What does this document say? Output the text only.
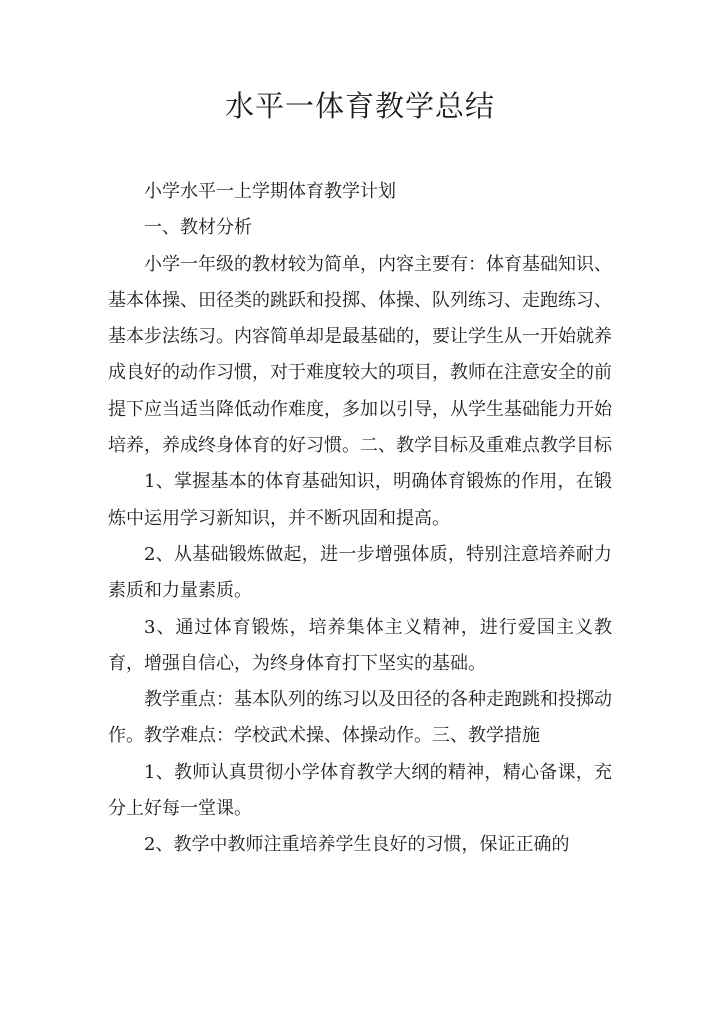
水平一体育教学总结

小学水平一上学期体育教学计划

一、教材分析

小学一年级的教材较为简单，内容主要有：体育基础知识、基本体操、田径类的跳跃和投掷、体操、队列练习、走跑练习、基本步法练习。内容简单却是最基础的，要让学生从一开始就养成良好的动作习惯，对于难度较大的项目，教师在注意安全的前提下应当适当降低动作难度，多加以引导，从学生基础能力开始培养，养成终身体育的好习惯。二、教学目标及重难点教学目标

1、掌握基本的体育基础知识，明确体育锻炼的作用，在锻炼中运用学习新知识，并不断巩固和提高。

2、从基础锻炼做起，进一步增强体质，特别注意培养耐力素质和力量素质。

3、通过体育锻炼，培养集体主义精神，进行爱国主义教育，增强自信心，为终身体育打下坚实的基础。

教学重点：基本队列的练习以及田径的各种走跑跳和投掷动作。教学难点：学校武术操、体操动作。三、教学措施

1、教师认真贯彻小学体育教学大纲的精神，精心备课，充分上好每一堂课。

2、教学中教师注重培养学生良好的习惯，保证正确的
